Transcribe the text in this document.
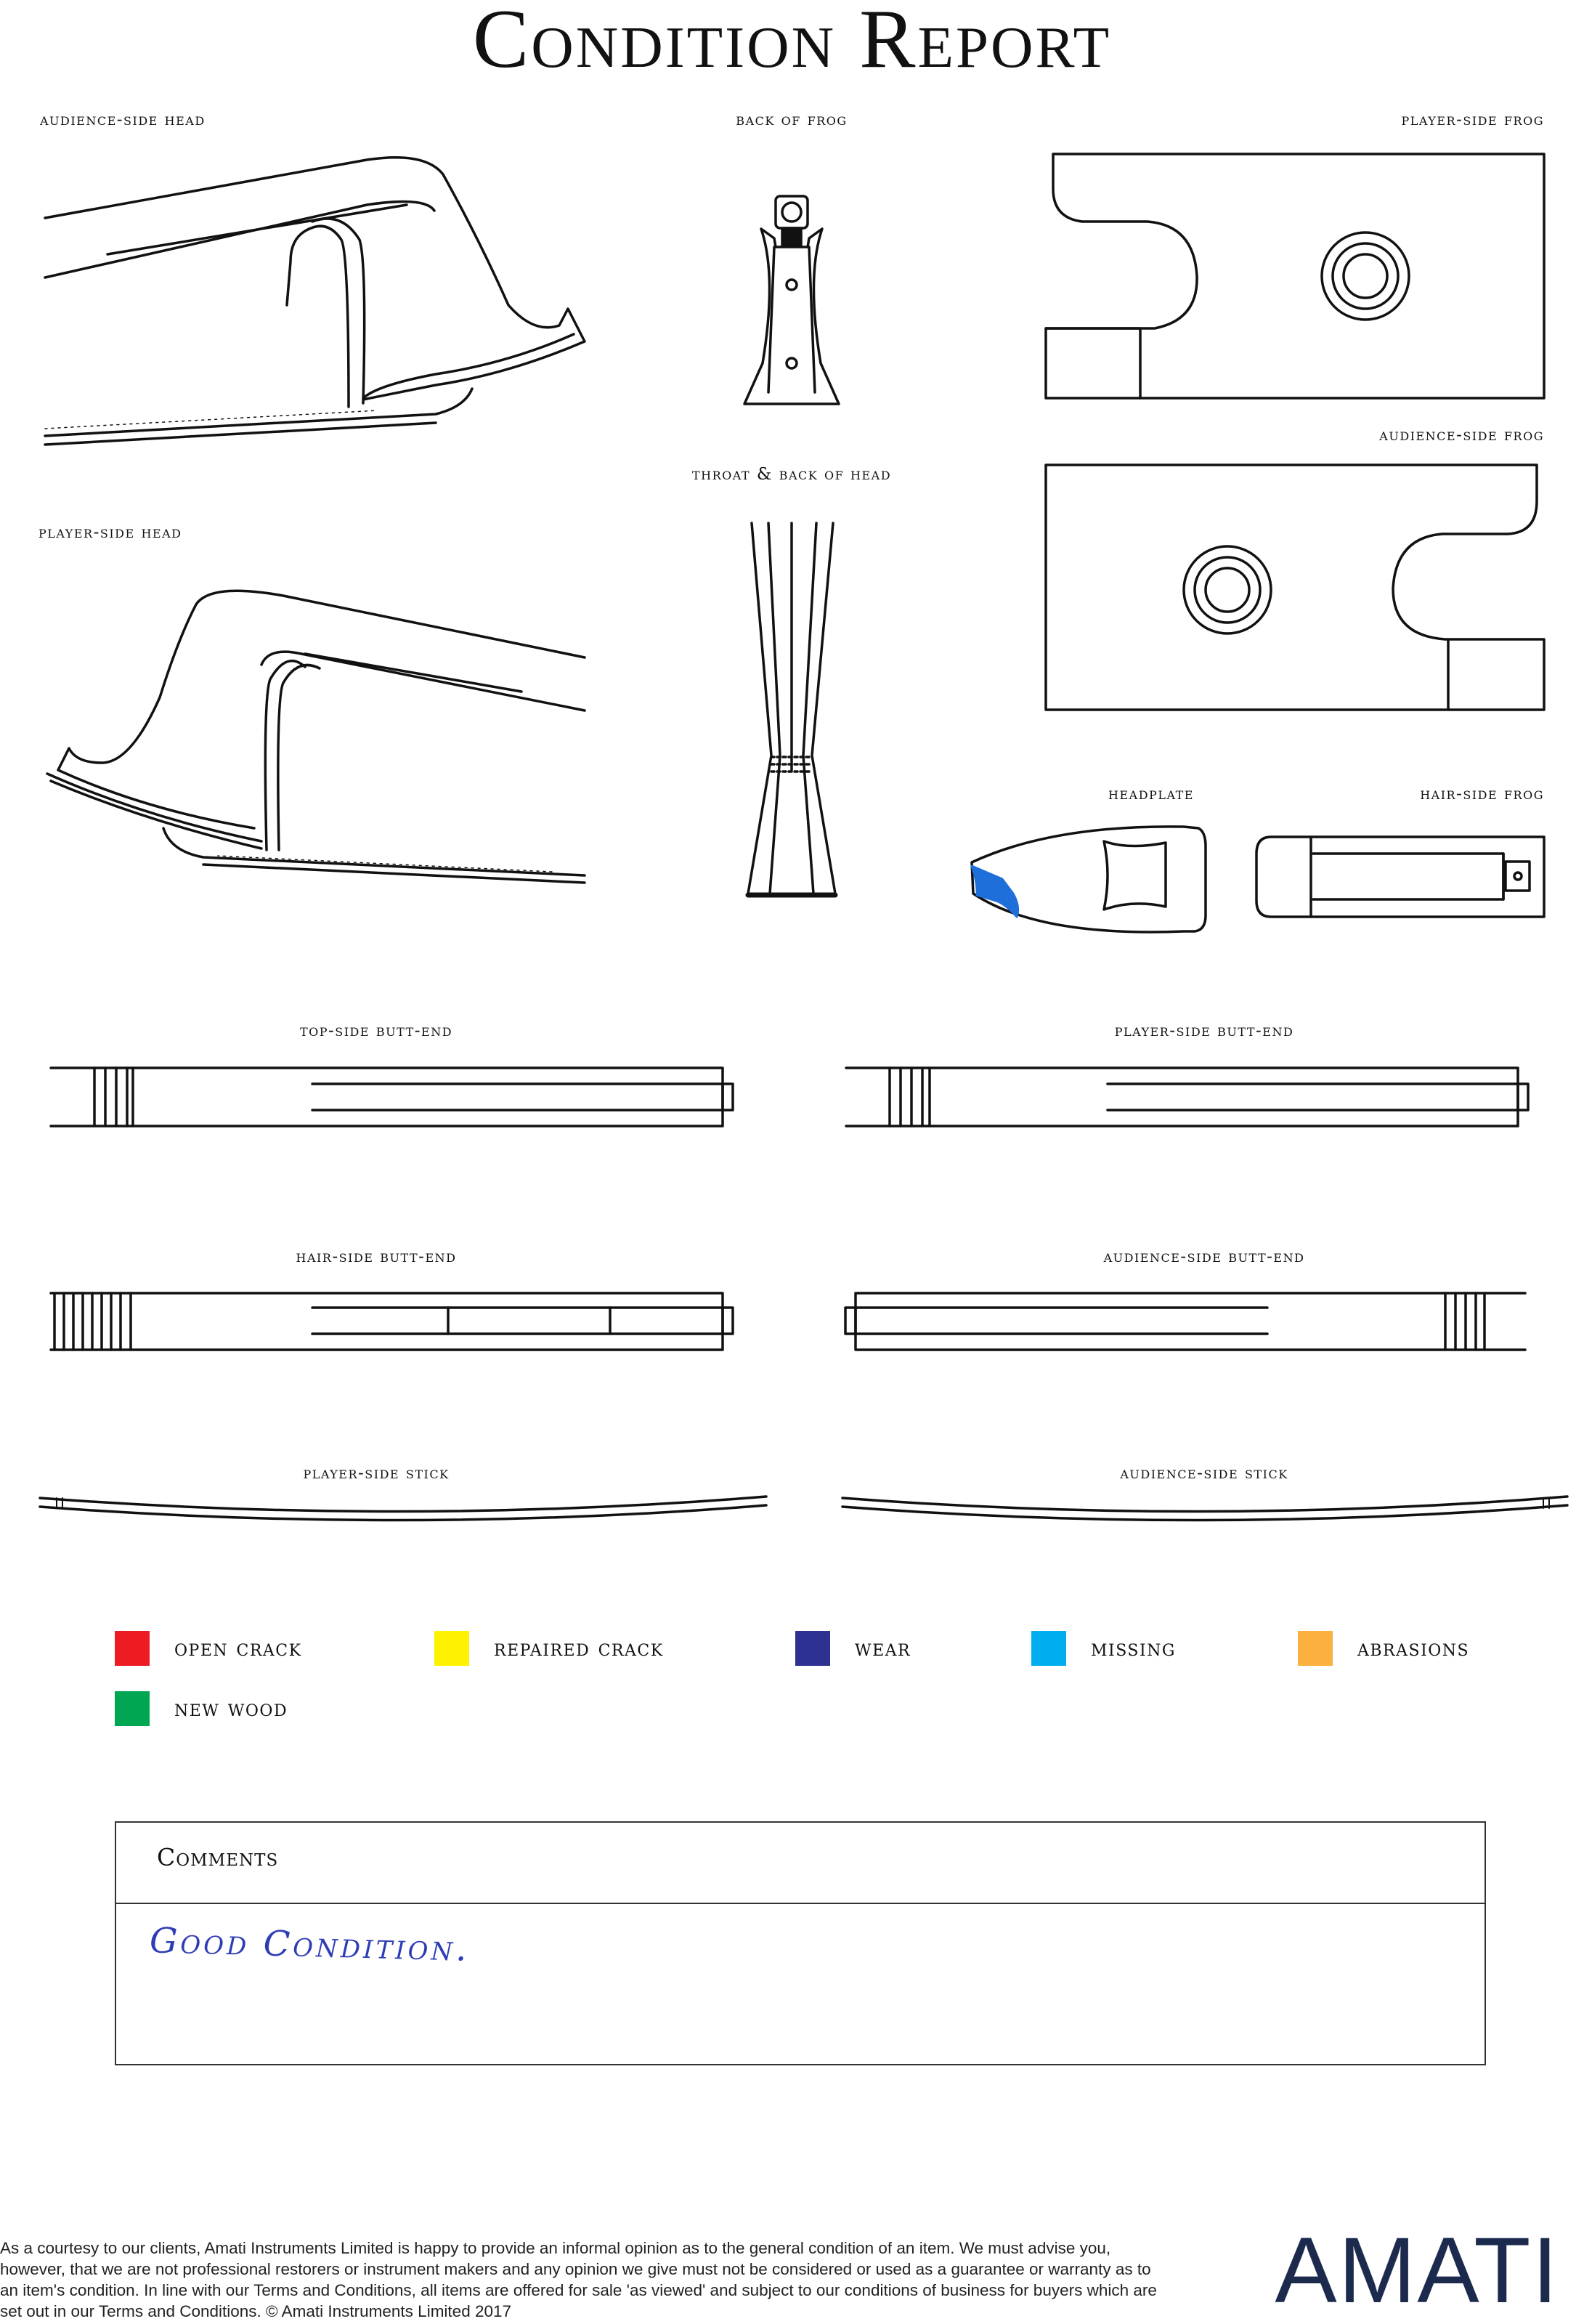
Condition Report
audience-side head	back of frog	player-side frog
audience-side frog
throat & back of head
player-side head
headplate	hair-side frog
top-side butt-end	player-side butt-end
hair-side butt-end	audience-side butt-end
player-side stick	audience-side stick
open crack	repaired crack	wear	missing	abrasions
new wood
Comments
Good Condition.
As a courtesy to our clients, Amati Instruments Limited is happy to provide an informal opinion as to the general condition of an item. We must advise you, however, that we are not professional restorers or instrument makers and any opinion we give must not be considered or used as a guarantee or warranty as to an item's condition. In line with our Terms and Conditions, all items are offered for sale 'as viewed' and subject to our conditions of business for buyers which are set out in our Terms and Conditions. © Amati Instruments Limited 2017	AMATI
